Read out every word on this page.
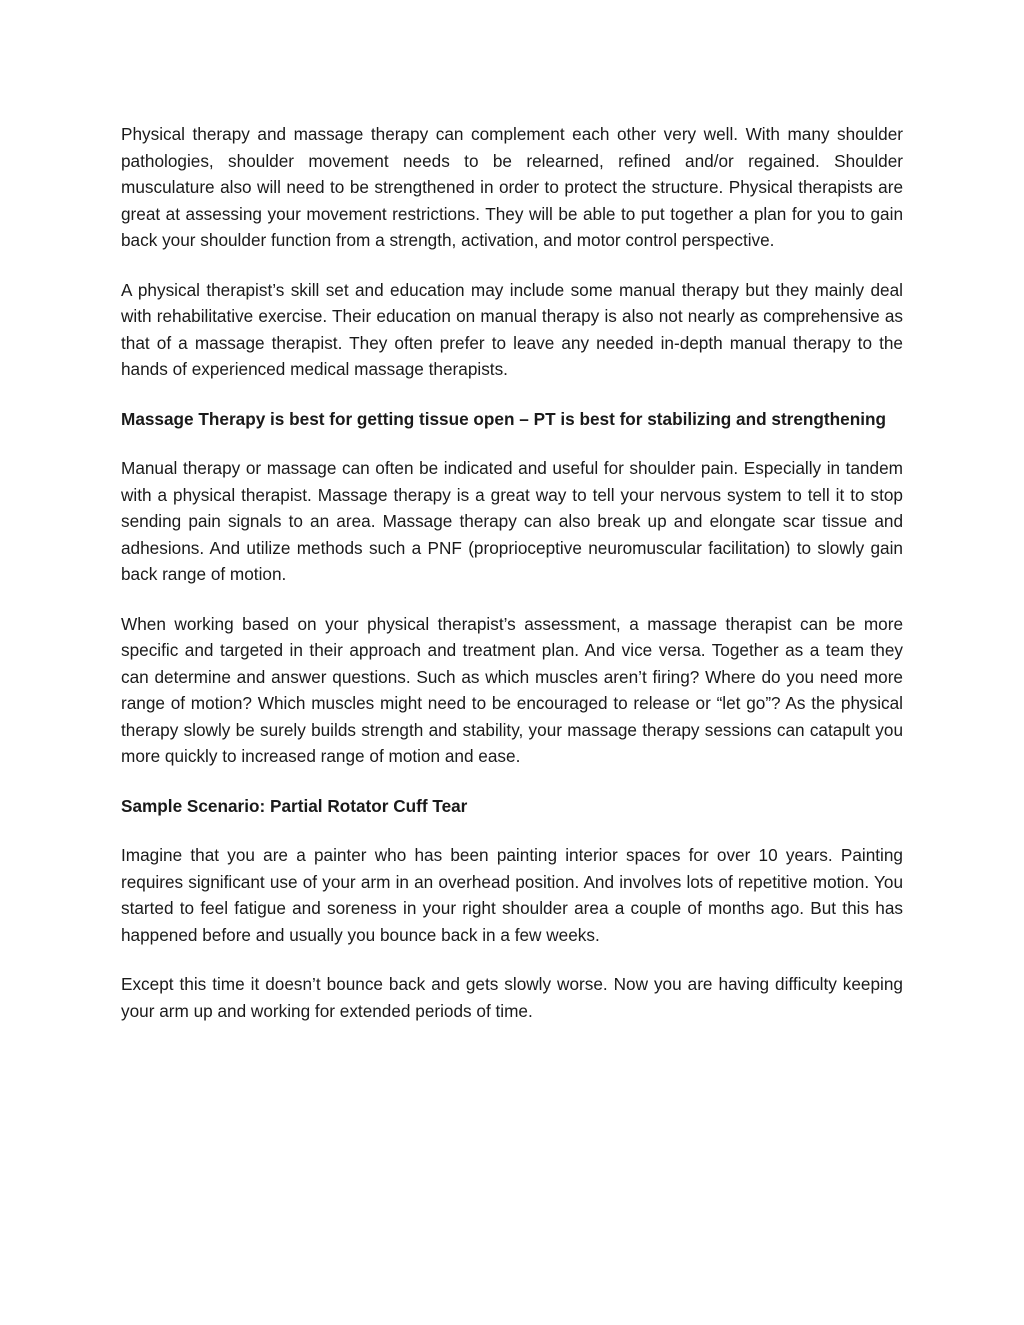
Physical therapy and massage therapy can complement each other very well. With many shoulder pathologies, shoulder movement needs to be relearned, refined and/or regained. Shoulder musculature also will need to be strengthened in order to protect the structure. Physical therapists are great at assessing your movement restrictions. They will be able to put together a plan for you to gain back your shoulder function from a strength, activation, and motor control perspective.

A physical therapist’s skill set and education may include some manual therapy but they mainly deal with rehabilitative exercise. Their education on manual therapy is also not nearly as comprehensive as that of a massage therapist. They often prefer to leave any needed in-depth manual therapy to the hands of experienced medical massage therapists.

Massage Therapy is best for getting tissue open – PT is best for stabilizing and strengthening

Manual therapy or massage can often be indicated and useful for shoulder pain. Especially in tandem with a physical therapist. Massage therapy is a great way to tell your nervous system to tell it to stop sending pain signals to an area. Massage therapy can also break up and elongate scar tissue and adhesions. And utilize methods such a PNF (proprioceptive neuromuscular facilitation) to slowly gain back range of motion.

When working based on your physical therapist’s assessment, a massage therapist can be more specific and targeted in their approach and treatment plan. And vice versa. Together as a team they can determine and answer questions. Such as which muscles aren’t firing? Where do you need more range of motion? Which muscles might need to be encouraged to release or “let go”? As the physical therapy slowly be surely builds strength and stability, your massage therapy sessions can catapult you more quickly to increased range of motion and ease.

Sample Scenario: Partial Rotator Cuff Tear

Imagine that you are a painter who has been painting interior spaces for over 10 years. Painting requires significant use of your arm in an overhead position. And involves lots of repetitive motion. You started to feel fatigue and soreness in your right shoulder area a couple of months ago. But this has happened before and usually you bounce back in a few weeks.

Except this time it doesn’t bounce back and gets slowly worse. Now you are having difficulty keeping your arm up and working for extended periods of time.
